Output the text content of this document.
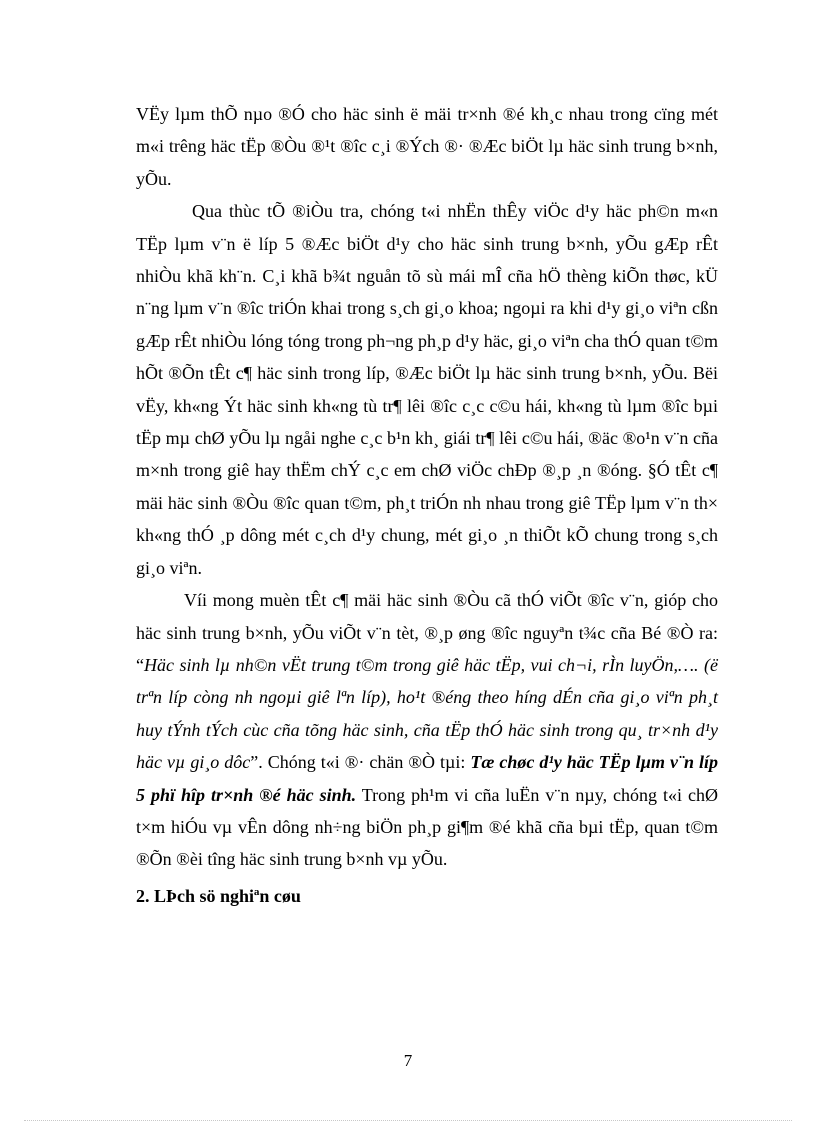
VËy lµm thÕ nµo ®Ó cho häc sinh ë mäi tr×nh ®é kh¸c nhau trong cïng mét m«i trêng häc tËp ®Òu ®¹t ®îc c¸i ®Ých ®· ®Æc biÖt lµ häc sinh trung b×nh, yÕu.

Qua thùc tÕ ®iÒu tra, chóng t«i nhËn thÊy viÖc d¹y häc ph©n m«n TËp lµm v¨n ë líp 5 ®Æc biÖt d¹y cho häc sinh trung b×nh, yÕu gÆp rÊt nhiÒu khã kh¨n. C¸i khã b¾t nguån tõ sù mái mÎ cña hÖ thèng kiÕn thøc, kÜ n¨ng lµm v¨n ®îc triÓn khai trong s¸ch gi¸o khoa; ngoµi ra khi d¹y gi¸o viªn cßn gÆp rÊt nhiÒu lóng tóng trong ph¬ng ph¸p d¹y häc, gi¸o viªn cha thÓ quan t©m hÕt ®Õn tÊt c¶ häc sinh trong líp, ®Æc biÖt lµ häc sinh trung b×nh, yÕu. Bëi vËy, kh«ng Ýt häc sinh kh«ng tù tr¶ lêi ®îc c¸c c©u hái, kh«ng tù lµm ®îc bµi tËp mµ chØ yÕu lµ ngåi nghe c¸c b¹n kh¸ giái tr¶ lêi c©u hái, ®äc ®o¹n v¨n cña m×nh trong giê hay thËm chÝ c¸c em chØ viÖc chÐp ®¸p ¸n ®óng. §Ó tÊt c¶ mäi häc sinh ®Òu ®îc quan t©m, ph¸t triÓn nh nhau trong giê TËp lµm v¨n th× kh«ng thÓ ¸p dông mét c¸ch d¹y chung, mét gi¸o ¸n thiÕt kÕ chung trong s¸ch gi¸o viªn.

Víi mong muèn tÊt c¶ mäi häc sinh ®Òu cã thÓ viÕt ®îc v¨n, gióp cho häc sinh trung b×nh, yÕu viÕt v¨n tèt, ®¸p øng ®îc nguyªn t¾c cña Bé ®Ò ra: “Häc sinh lµ nh©n vËt trung t©m trong giê häc tËp, vui ch¬i, rÌn luyÖn,…. (ë trªn líp còng nh ngoµi giê lªn líp), ho¹t ®éng theo híng dÉn cña gi¸o viªn ph¸t huy tÝnh tÝch cùc cña tõng häc sinh, cña tËp thÓ häc sinh trong qu¸ tr×nh d¹y häc vµ gi¸o dôc”. Chóng t«i ®· chän ®Ò tµi: Tæ chøc d¹y häc TËp lµm v¨n líp 5 phï hîp tr×nh ®é häc sinh. Trong ph¹m vi cña luËn v¨n nµy, chóng t«i chØ t×m hiÓu vµ vÊn dông nh÷ng biÖn ph¸p gi¶m ®é khã cña bµi tËp, quan t©m ®Õn ®èi tîng häc sinh trung b×nh vµ yÕu.

2. LÞch sö nghiªn cøu

7
